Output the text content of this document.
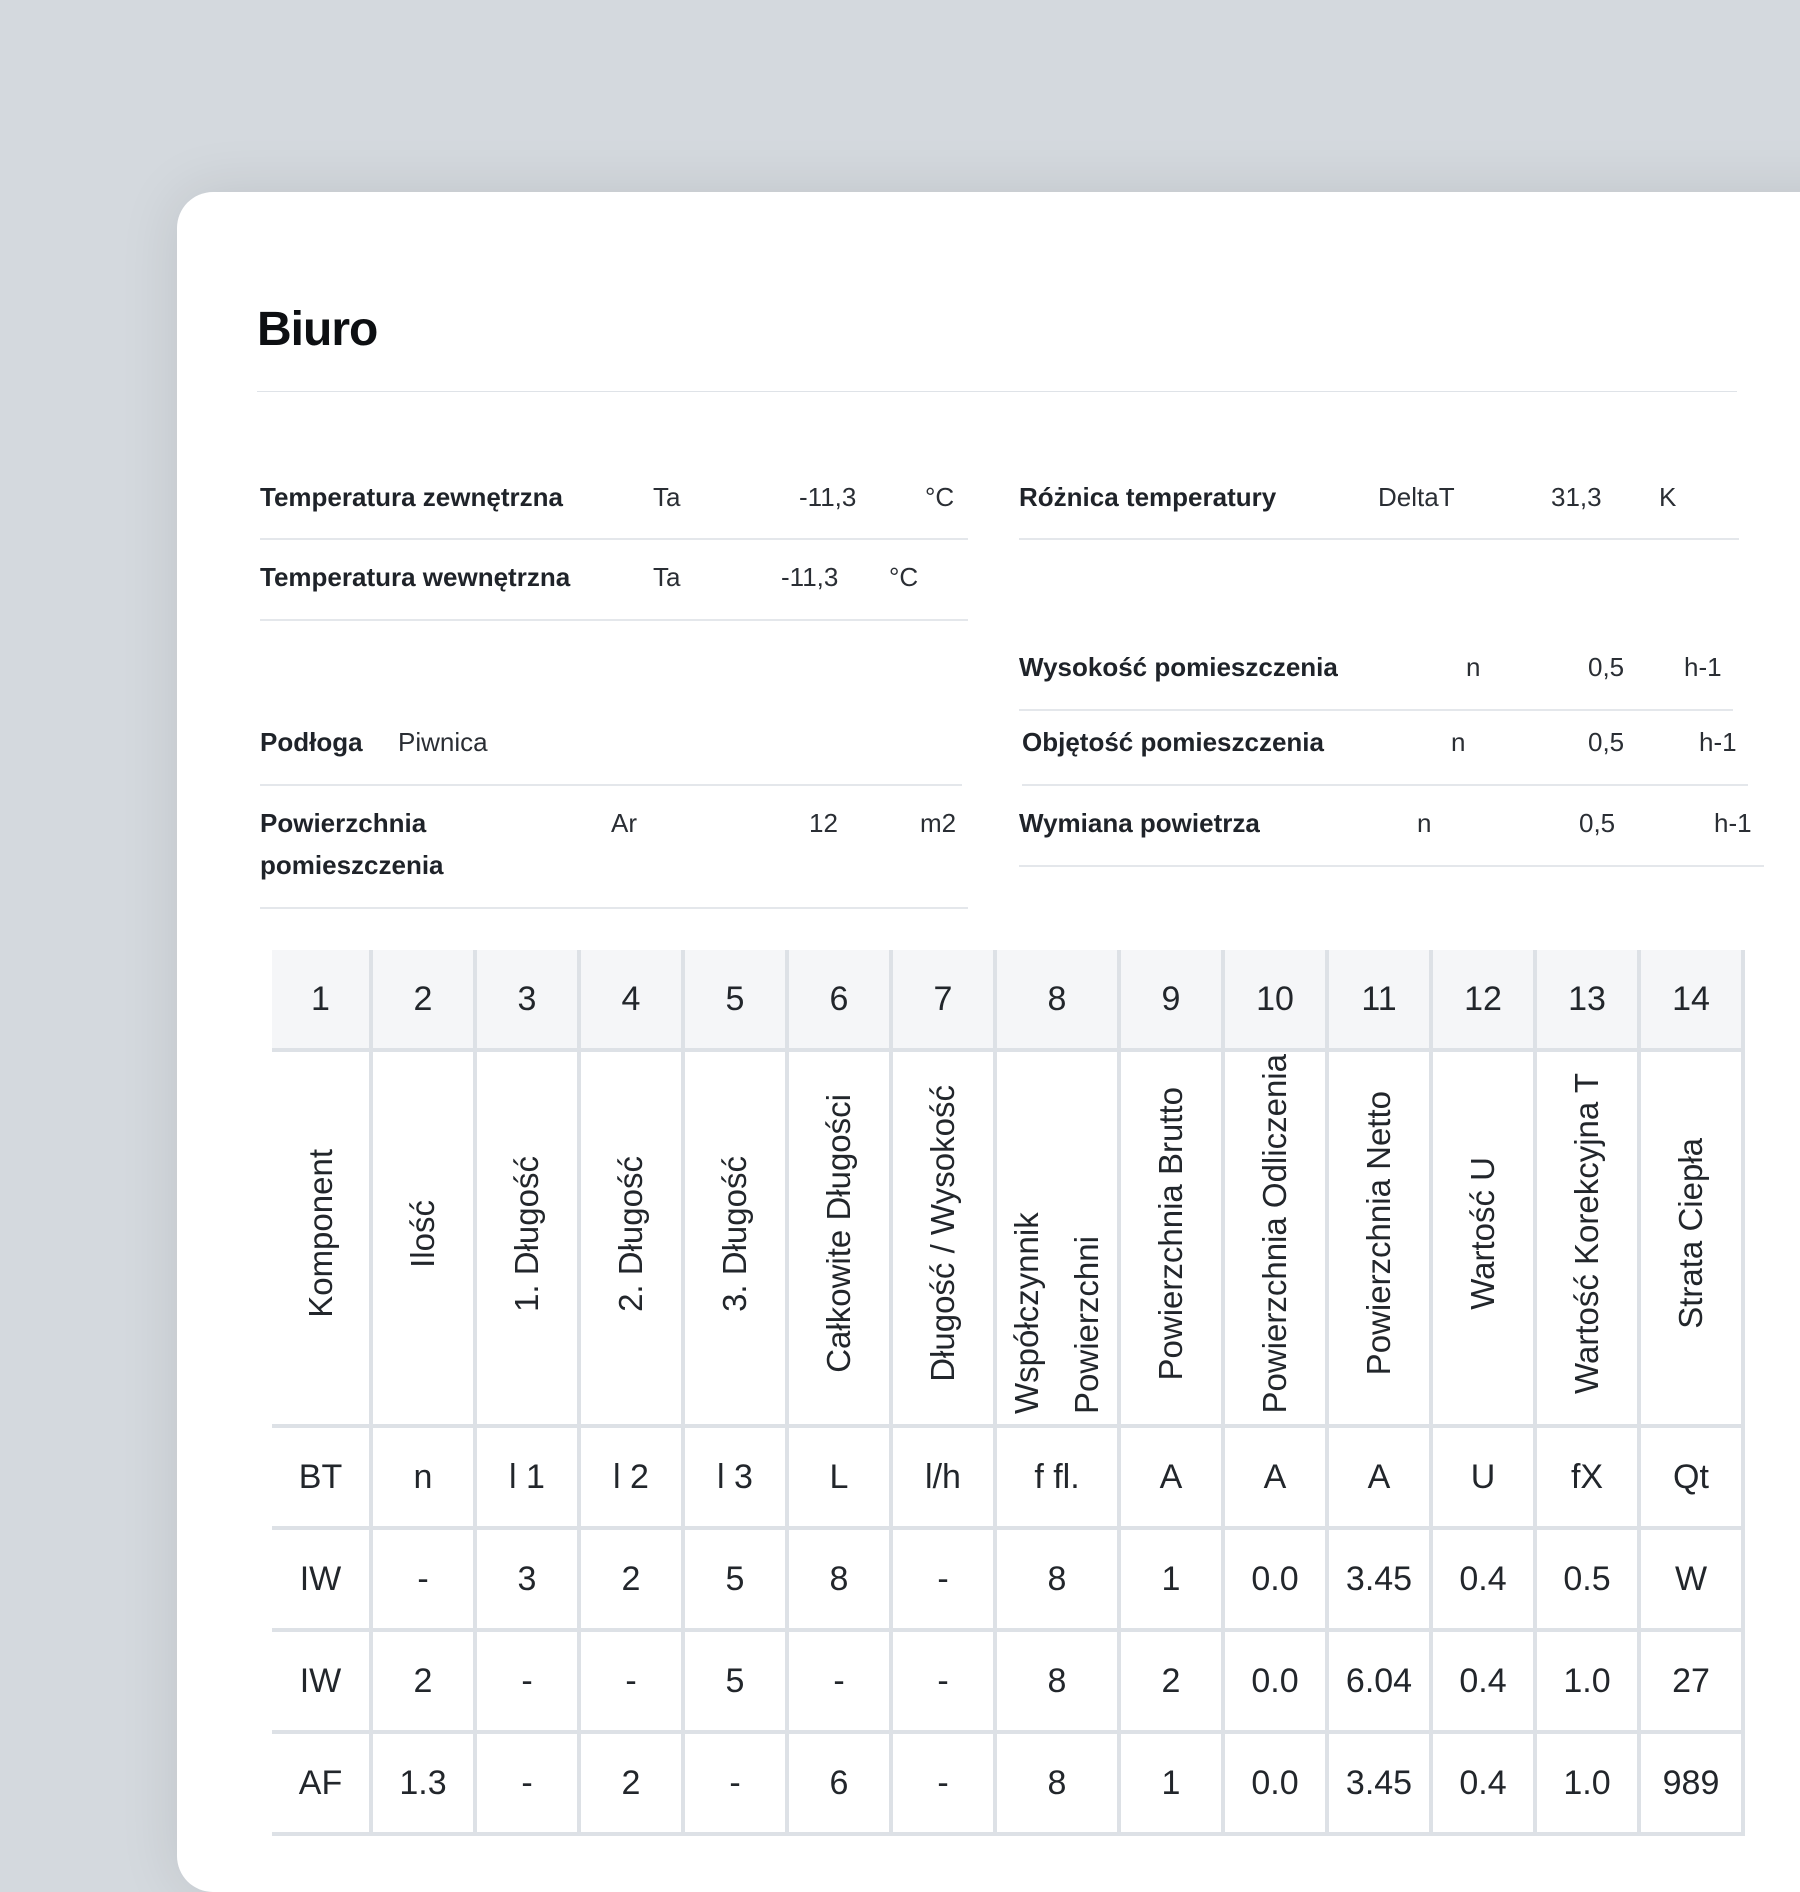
Biuro
Temperatura zewnętrzna	Ta	-11,3	°C
Temperatura wewnętrzna	Ta	-11,3 °C
Podłoga Piwnica
Powierzchnia
pomieszczenia
Ar	12	m2
Różnica temperatury	DeltaT	31,3 K
Wysokość pomieszczenia	n	0,5 h-1
Objętość pomieszczenia	n	0,5	h-1
Wymiana powietrza	n	0,5	h-1
1	2	3	4	5	6	7	8	9	10	11	12	13	14
Komponent	Ilość	1. Długość	2. Długość	3. Długość	Całkowite Długości	Długość / Wysokość	Współczynnik Powierzchni	Powierzchnia Brutto	Powierzchnia Odliczenia	Powierzchnia Netto	Wartość U	Wartość Korekcyjna T	Strata Ciepła
BT	n	l 1	l 2	l 3	L	l/h	f fl.	A	A	A	U	fX	Qt
IW	-	3	2	5	8	-	8	1	0.0	3.45	0.4	0.5	W
IW	2	-	-	5	-	-	8	2	0.0	6.04	0.4	1.0	27
AF	1.3	-	2	-	6	-	8	1	0.0	3.45	0.4	1.0	989
